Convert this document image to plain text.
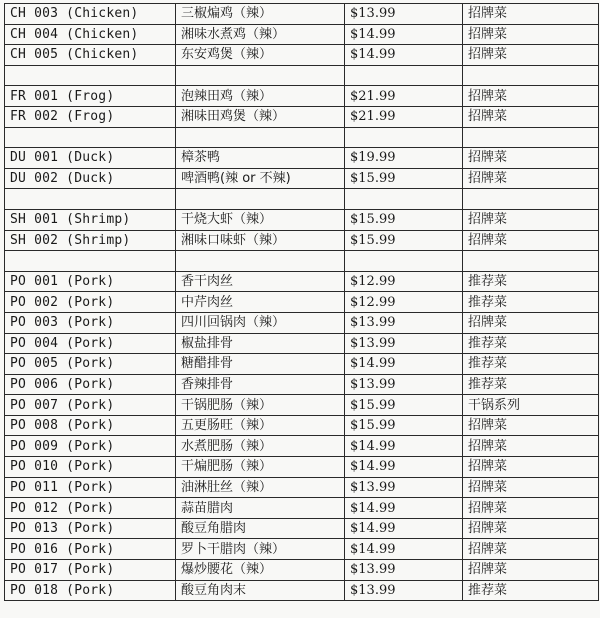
CH 003 (Chicken)	三椒煸鸡（辣）	$13.99	招牌菜
CH 004 (Chicken)	湘味水煮鸡（辣）	$14.99	招牌菜
CH 005 (Chicken)	东安鸡煲（辣）	$14.99	招牌菜

FR 001 (Frog)	泡辣田鸡（辣）	$21.99	招牌菜
FR 002 (Frog)	湘味田鸡煲（辣）	$21.99	招牌菜

DU 001 (Duck)	樟茶鸭	$19.99	招牌菜
DU 002 (Duck)	啤酒鸭(辣 or 不辣)	$15.99	招牌菜

SH 001 (Shrimp)	干烧大虾（辣）	$15.99	招牌菜
SH 002 (Shrimp)	湘味口味虾（辣）	$15.99	招牌菜

PO 001 (Pork)	香干肉丝	$12.99	推荐菜
PO 002 (Pork)	中芹肉丝	$12.99	推荐菜
PO 003 (Pork)	四川回锅肉（辣）	$13.99	招牌菜
PO 004 (Pork)	椒盐排骨	$13.99	推荐菜
PO 005 (Pork)	糖醋排骨	$14.99	推荐菜
PO 006 (Pork)	香辣排骨	$13.99	推荐菜
PO 007 (Pork)	干锅肥肠（辣）	$15.99	干锅系列
PO 008 (Pork)	五更肠旺（辣）	$15.99	招牌菜
PO 009 (Pork)	水煮肥肠（辣）	$14.99	招牌菜
PO 010 (Pork)	干煸肥肠（辣）	$14.99	招牌菜
PO 011 (Pork)	油淋肚丝（辣）	$13.99	招牌菜
PO 012 (Pork)	蒜苗腊肉	$14.99	招牌菜
PO 013 (Pork)	酸豆角腊肉	$14.99	招牌菜
PO 016 (Pork)	罗卜干腊肉（辣）	$14.99	招牌菜
PO 017 (Pork)	爆炒腰花（辣）	$13.99	招牌菜
PO 018 (Pork)	酸豆角肉末	$13.99	推荐菜
